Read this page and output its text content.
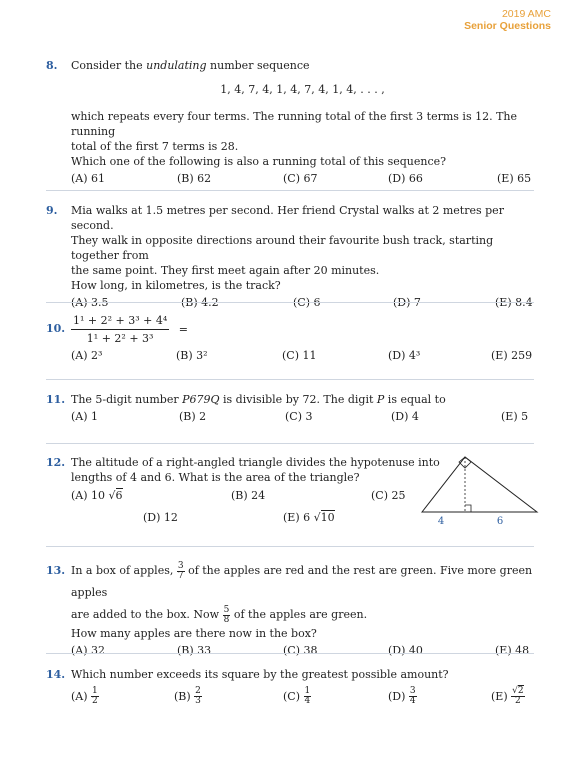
2019 AMC
Senior Questions
8.	Consider the undulating number sequence
1, 4, 7, 4, 1, 4, 7, 4, 1, 4, . . . ,
which repeats every four terms. The running total of the first 3 terms is 12. The running
total of the first 7 terms is 28.
Which one of the following is also a running total of this sequence?
(A) 61	(B) 62	(C) 67	(D) 66	(E) 65
9.	Mia walks at 1.5 metres per second. Her friend Crystal walks at 2 metres per second.
They walk in opposite directions around their favourite bush track, starting together from
the same point. They first meet again after 20 minutes.
How long, in kilometres, is the track?
(A) 3.5	(B) 4.2	(C) 6	(D) 7	(E) 8.4
10. $\frac{\text{1¹ + 2² + 3³ + 4⁴}}{\text{1¹ + 2² + 3³}}$ =
(A) 2³	(B) 3²	(C) 11	(D) 4³	(E) 259
11. The 5-digit number P679Q is divisible by 72. The digit P is equal to
(A) 1	(B) 2	(C) 3	(D) 4	(E) 5
12. The altitude of a right-angled triangle divides the hypotenuse into
lengths of 4 and 6. What is the area of the triangle?
(A) 10 √6	(B) 24	(C) 25
(D) 12	(E) 6 √10	4	6
13. In a box of apples, $\frac{3}{7}$ of the apples are red and the rest are green. Five more green apples
are added to the box. Now $\frac{5}{8}$ of the apples are green.
How many apples are there now in the box?
(A) 32	(B) 33	(C) 38	(D) 40	(E) 48
14. Which number exceeds its square by the greatest possible amount?
$(A) \frac{1}{2}$	$(B) \frac{2}{3}$	$(C) \frac{1}{4}$	$(D) \frac{3}{4}$	$(E) \frac{√2}{2}$
